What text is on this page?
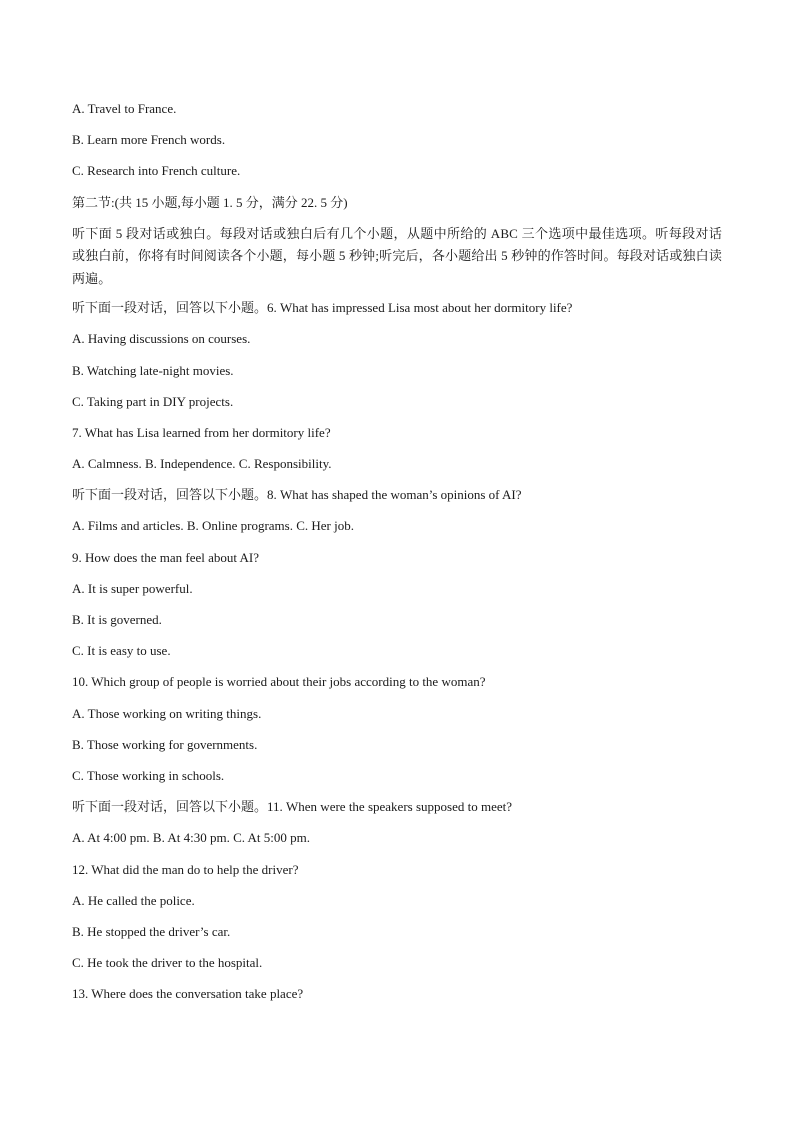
A. Travel to France.
B. Learn more French words.
C. Research into French culture.
第二节:(共 15 小题,每小题 1. 5 分，满分 22. 5 分)
听下面 5 段对话或独白。每段对话或独白后有几个小题，从题中所给的 ABC 三个选项中最佳选项。听每段对话或独白前，你将有时间阅读各个小题，每小题 5 秒钟;听完后，各小题给出 5 秒钟的作答时间。每段对话或独白读两遍。
听下面一段对话，回答以下小题。6. What has impressed Lisa most about her dormitory life?
A. Having discussions on courses.
B. Watching late-night movies.
C. Taking part in DIY projects.
7. What has Lisa learned from her dormitory life?
A. Calmness. B. Independence. C. Responsibility.
听下面一段对话，回答以下小题。8. What has shaped the woman’s opinions of AI?
A. Films and articles. B. Online programs. C. Her job.
9. How does the man feel about AI?
A. It is super powerful.
B. It is governed.
C. It is easy to use.
10. Which group of people is worried about their jobs according to the woman?
A. Those working on writing things.
B. Those working for governments.
C. Those working in schools.
听下面一段对话，回答以下小题。11. When were the speakers supposed to meet?
A. At 4:00 pm. B. At 4:30 pm. C. At 5:00 pm.
12. What did the man do to help the driver?
A. He called the police.
B. He stopped the driver’s car.
C. He took the driver to the hospital.
13. Where does the conversation take place?
